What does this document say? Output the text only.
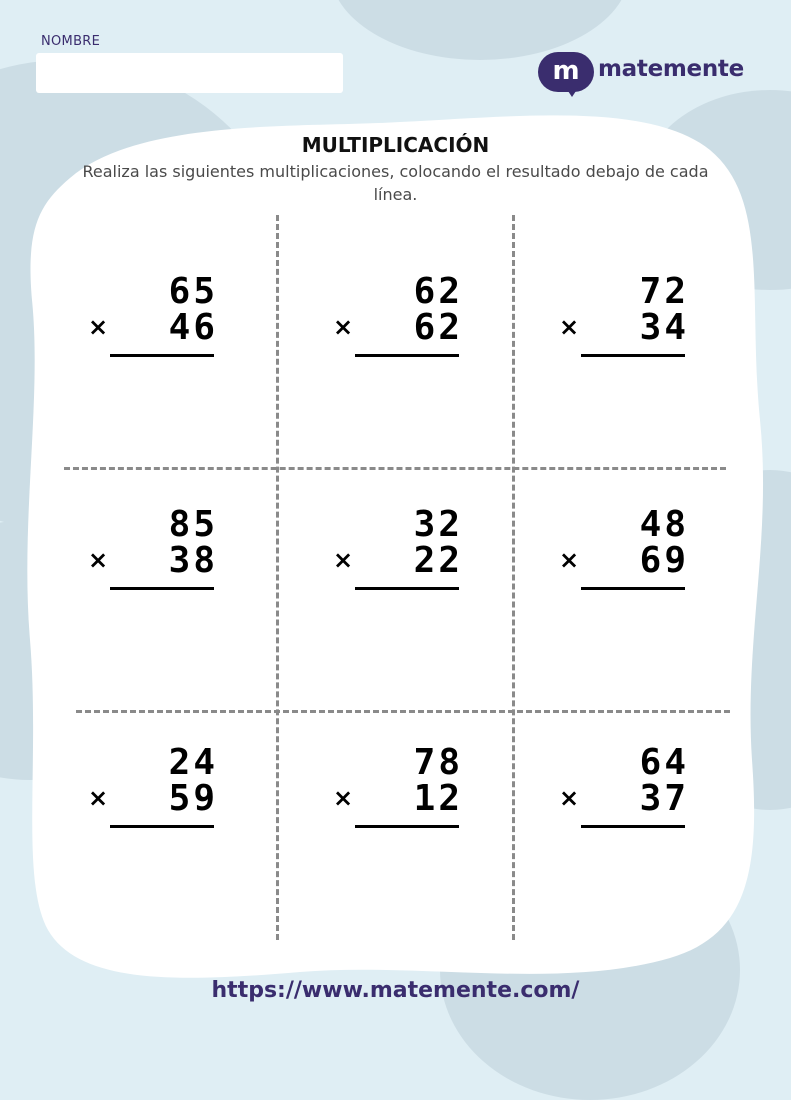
NOMBRE
m matemente
MULTIPLICACIÓN
Realiza las siguientes multiplicaciones, colocando el resultado debajo de cada línea.
65
×	46
62
×	62
72
×	34
85
×	38
32
×	22
48
×	69
24
×	59
78
×	12
64
×	37
https://www.matemente.com/
